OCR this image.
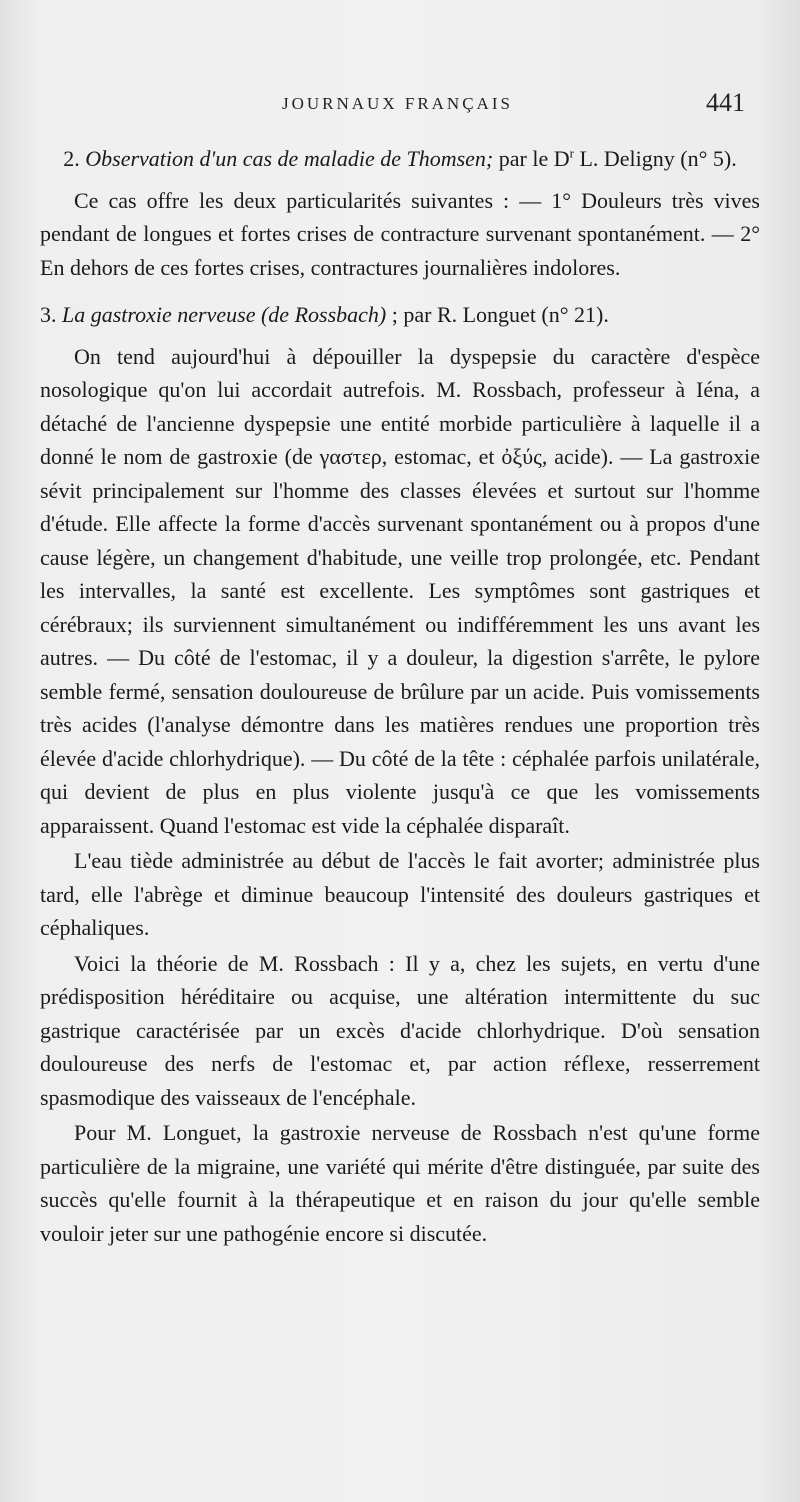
JOURNAUX FRANÇAIS	441
2. Observation d'un cas de maladie de Thomsen; par le $D^r$ L. Deligny (n° 5).

Ce cas offre les deux particularités suivantes : — 1° Douleurs très vives pendant de longues et fortes crises de contracture survenant spontanément. — 2° En dehors de ces fortes crises, contractures journalières indolores.

3. La gastroxie nerveuse (de Rossbach) ; par R. Longuet (n° 21).

On tend aujourd'hui à dépouiller la dyspepsie du caractère d'espèce nosologique qu'on lui accordait autrefois. M. Rossbach, professeur à Iéna, a détaché de l'ancienne dyspepsie une entité morbide particulière à laquelle il a donné le nom de gastroxie (de γαστερ, estomac, et ὀξύς, acide). — La gastroxie sévit principalement sur l'homme des classes élevées et surtout sur l'homme d'étude. Elle affecte la forme d'accès survenant spontanément ou à propos d'une cause légère, un changement d'habitude, une veille trop prolongée, etc. Pendant les intervalles, la santé est excellente. Les symptômes sont gastriques et cérébraux; ils surviennent simultanément ou indifféremment les uns avant les autres. — Du côté de l'estomac, il y a douleur, la digestion s'arrête, le pylore semble fermé, sensation douloureuse de brûlure par un acide. Puis vomissements très acides (l'analyse démontre dans les matières rendues une proportion très élevée d'acide chlorhydrique). — Du côté de la tête : céphalée parfois unilatérale, qui devient de plus en plus violente jusqu'à ce que les vomissements apparaissent. Quand l'estomac est vide la céphalée disparaît.

L'eau tiède administrée au début de l'accès le fait avorter; administrée plus tard, elle l'abrège et diminue beaucoup l'intensité des douleurs gastriques et céphaliques.

Voici la théorie de M. Rossbach : Il y a, chez les sujets, en vertu d'une prédisposition héréditaire ou acquise, une altération intermittente du suc gastrique caractérisée par un excès d'acide chlorhydrique. D'où sensation douloureuse des nerfs de l'estomac et, par action réflexe, resserrement spasmodique des vaisseaux de l'encéphale.

Pour M. Longuet, la gastroxie nerveuse de Rossbach n'est qu'une forme particulière de la migraine, une variété qui mérite d'être distinguée, par suite des succès qu'elle fournit à la thérapeutique et en raison du jour qu'elle semble vouloir jeter sur une pathogénie encore si discutée.
